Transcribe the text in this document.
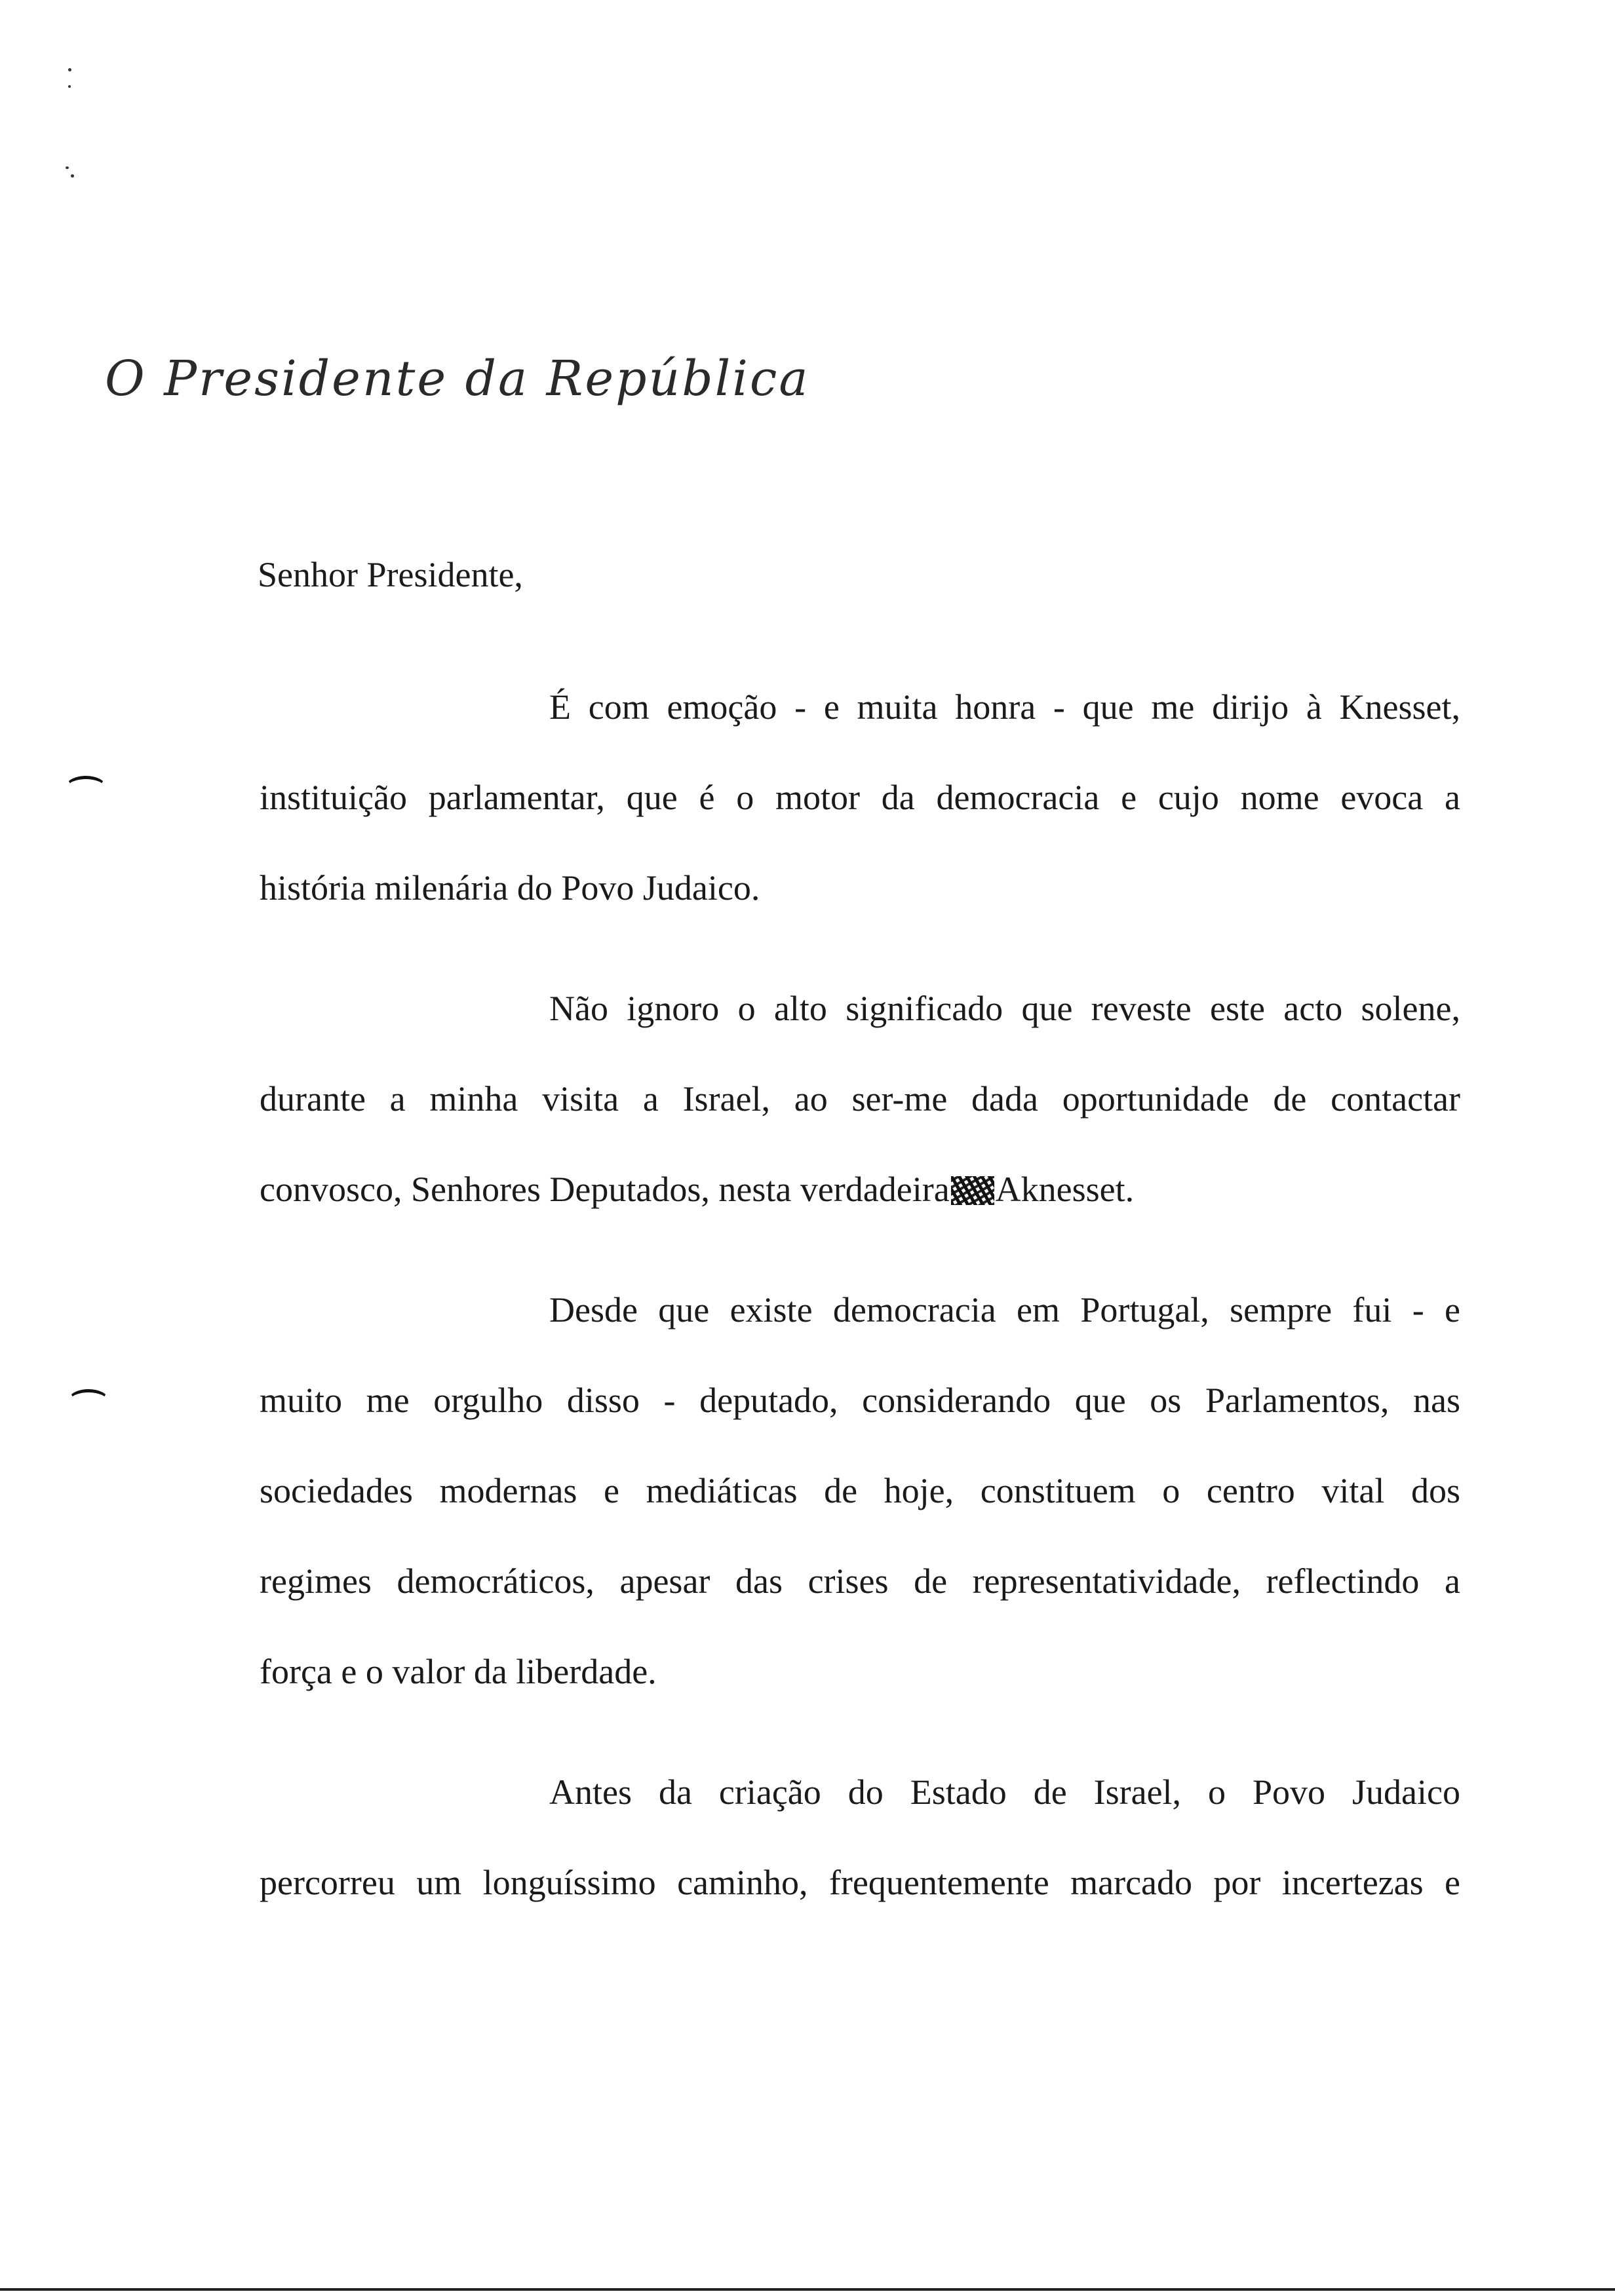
O Presidente da República
Senhor Presidente,
É com emoção - e muita honra - que me dirijo à Knesset,
instituição parlamentar, que é o motor da democracia e cujo nome evoca a
história milenária do Povo Judaico.
Não ignoro o alto significado que reveste este acto solene,
durante a minha visita a Israel, ao ser-me dada oportunidade de contactar
convosco, Senhores Deputados, nesta verdadeira Aknesset.
Desde que existe democracia em Portugal, sempre fui - e
muito me orgulho disso - deputado, considerando que os Parlamentos, nas
sociedades modernas e mediáticas de hoje, constituem o centro vital dos
regimes democráticos, apesar das crises de representatividade, reflectindo a
força e o valor da liberdade.
Antes da criação do Estado de Israel, o Povo Judaico
percorreu um longuíssimo caminho, frequentemente marcado por incertezas e
